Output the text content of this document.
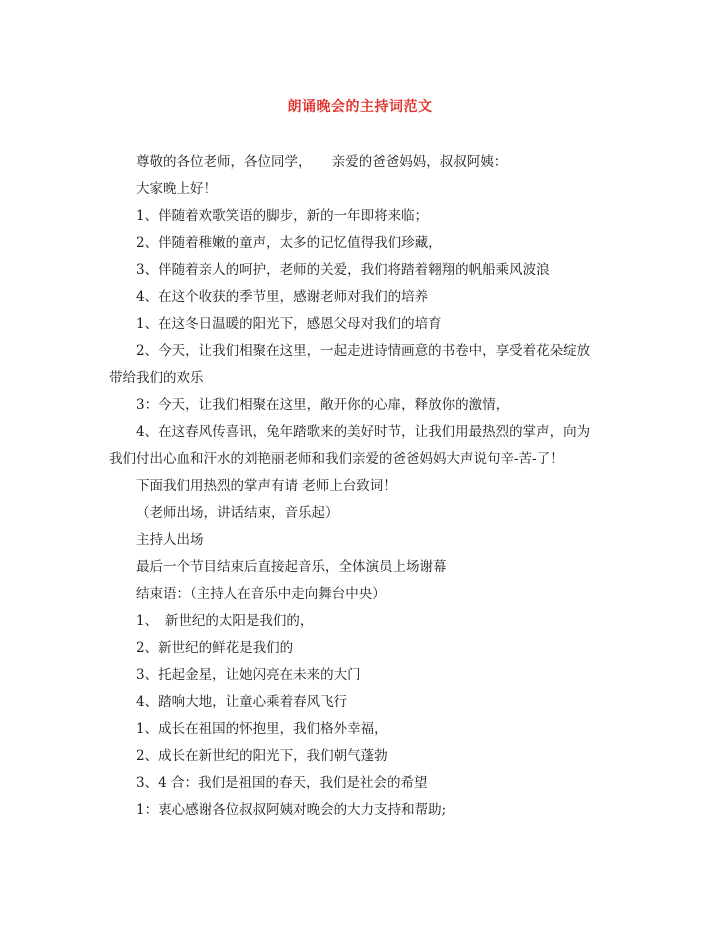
朗诵晚会的主持词范文
尊敬的各位老师，各位同学，　　亲爱的爸爸妈妈，叔叔阿姨：
大家晚上好！
1、伴随着欢歌笑语的脚步，新的一年即将来临；
2、伴随着稚嫩的童声，太多的记忆值得我们珍藏，
3、伴随着亲人的呵护，老师的关爱，我们将踏着翱翔的帆船乘风波浪
4、在这个收获的季节里，感谢老师对我们的培养
1、在这冬日温暖的阳光下，感恩父母对我们的培育
2、今天，让我们相聚在这里，一起走进诗情画意的书卷中，享受着花朵绽放
带给我们的欢乐
3：今天，让我们相聚在这里，敞开你的心扉，释放你的激情，
4、在这春风传喜讯，兔年踏歌来的美好时节，让我们用最热烈的掌声，向为
我们付出心血和汗水的刘艳丽老师和我们亲爱的爸爸妈妈大声说句辛-苦-了！
下面我们用热烈的掌声有请 老师上台致词！
（老师出场，讲话结束，音乐起）
主持人出场
最后一个节目结束后直接起音乐，全体演员上场谢幕
结束语：（主持人在音乐中走向舞台中央）
1、　新世纪的太阳是我们的，
2、新世纪的鲜花是我们的
3、托起金星，让她闪亮在未来的大门
4、踏响大地，让童心乘着春风飞行
1、成长在祖国的怀抱里，我们格外幸福，
2、成长在新世纪的阳光下，我们朝气蓬勃
3、4 合：我们是祖国的春天，我们是社会的希望
1：衷心感谢各位叔叔阿姨对晚会的大力支持和帮助;
